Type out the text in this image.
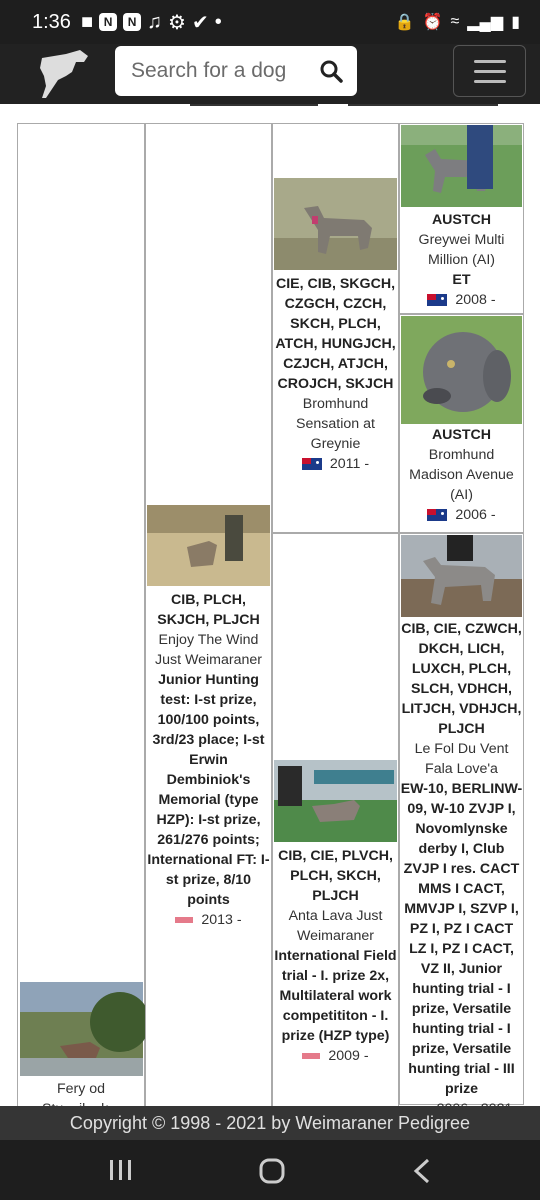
1:36 ■ N	N ♫ ⚙ ✔ •	🔒 ⏰ ≈ ▂▄▆ ▮
Search for a dog
Fery od
CIB, PLCH, SKJCH, PLJCH
Enjoy The Wind Just Weimaraner
Junior Hunting test: I-st prize, 100/100 points, 3rd/23 place; I-st Erwin Dembiniok's Memorial (type HZP): I-st prize, 261/276 points; International FT: I-st prize, 8/10 points
2013 -
CIE, CIB, SKGCH, CZGCH, CZCH, SKCH, PLCH, ATCH, HUNGJCH, CZJCH, ATJCH, CROJCH, SKJCH
Bromhund Sensation at Greynie
2011 -
CIB, CIE, PLVCH, PLCH, SKCH, PLJCH
Anta Lava Just Weimaraner
International Field trial - I. prize 2x, Multilateral work competititon - I. prize (HZP type)
2009 -
AUSTCH
Greywei Multi Million (AI)
ET
2008 -
AUSTCH
Bromhund Madison Avenue (AI)
2006 -
CIB, CIE, CZWCH, DKCH, LICH, LUXCH, PLCH, SLCH, VDHCH, LITJCH, VDHJCH, PLJCH
Le Fol Du Vent Fala Love'a
EW-10, BERLINW-09, W-10 ZVJP I, Novomlynske derby I, Club ZVJP I res. CACT MMS I CACT, MMVJP I, SZVP I, PZ I, PZ I CACT LZ I, PZ I CACT, VZ II, Junior hunting trial - I prize, Versatile hunting trial - I prize, Versatile hunting trial - III prize
Copyright © 1998 - 2021 by Weimaraner Pedigree
